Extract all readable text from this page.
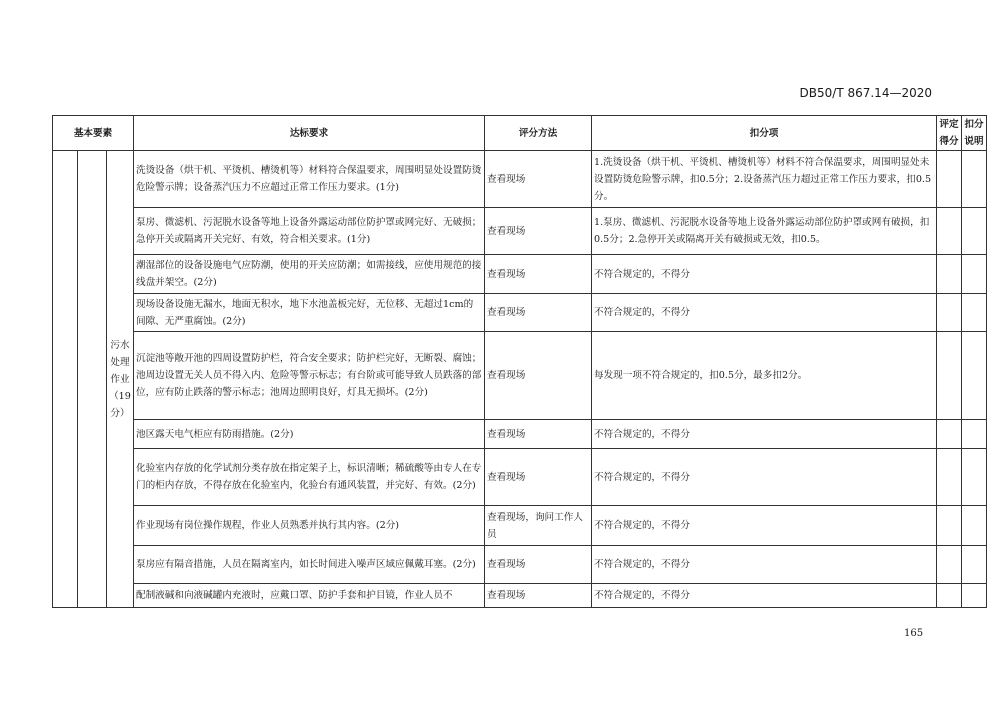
DB50/T 867.14—2020
基本要素			达标要求	评分方法	扣分项	评定得分	扣分说明
		污水处理作业（19分）	洗烫设备（烘干机、平烫机、槽烫机等）材料符合保温要求，周围明显处设置防烫危险警示牌；设备蒸汽压力不应超过正常工作压力要求。(1分)	查看现场	1.洗烫设备（烘干机、平烫机、槽烫机等）材料不符合保温要求，周围明显处未设置防烫危险警示牌，扣0.5分；2.设备蒸汽压力超过正常工作压力要求，扣0.5分。		
			泵房、微滤机、污泥脱水设备等地上设备外露运动部位防护罩或网完好、无破损；急停开关或隔离开关完好、有效，符合相关要求。(1分)	查看现场	1.泵房、微滤机、污泥脱水设备等地上设备外露运动部位防护罩或网有破损，扣0.5分；2.急停开关或隔离开关有破损或无效，扣0.5。		
			潮湿部位的设备设施电气应防潮，使用的开关应防潮；如需接线，应使用规范的接线盘并架空。(2分)	查看现场	不符合规定的，不得分		
			现场设备设施无漏水，地面无积水，地下水池盖板完好，无位移、无超过1cm的间隙、无严重腐蚀。(2分)	查看现场	不符合规定的，不得分		
			沉淀池等敞开池的四周设置防护栏，符合安全要求；防护栏完好，无断裂、腐蚀；池周边设置无关人员不得入内、危险等警示标志；有台阶或可能导致人员跌落的部位，应有防止跌落的警示标志；池周边照明良好，灯具无损坏。(2分)	查看现场	每发现一项不符合规定的，扣0.5分，最多扣2分。		
			池区露天电气柜应有防雨措施。(2分)	查看现场	不符合规定的，不得分		
			化验室内存放的化学试剂分类存放在指定架子上，标识清晰；稀硫酸等由专人在专门的柜内存放，不得存放在化验室内，化验台有通风装置，并完好、有效。(2分)	查看现场	不符合规定的，不得分		
			作业现场有岗位操作规程，作业人员熟悉并执行其内容。(2分)	查看现场，询问工作人员	不符合规定的，不得分		
			泵房应有隔音措施，人员在隔离室内，如长时间进入噪声区域应佩戴耳塞。(2分)	查看现场	不符合规定的，不得分		
			配制液碱和向液碱罐内充液时，应戴口罩、防护手套和护目镜，作业人员不	查看现场	不符合规定的，不得分		
165
